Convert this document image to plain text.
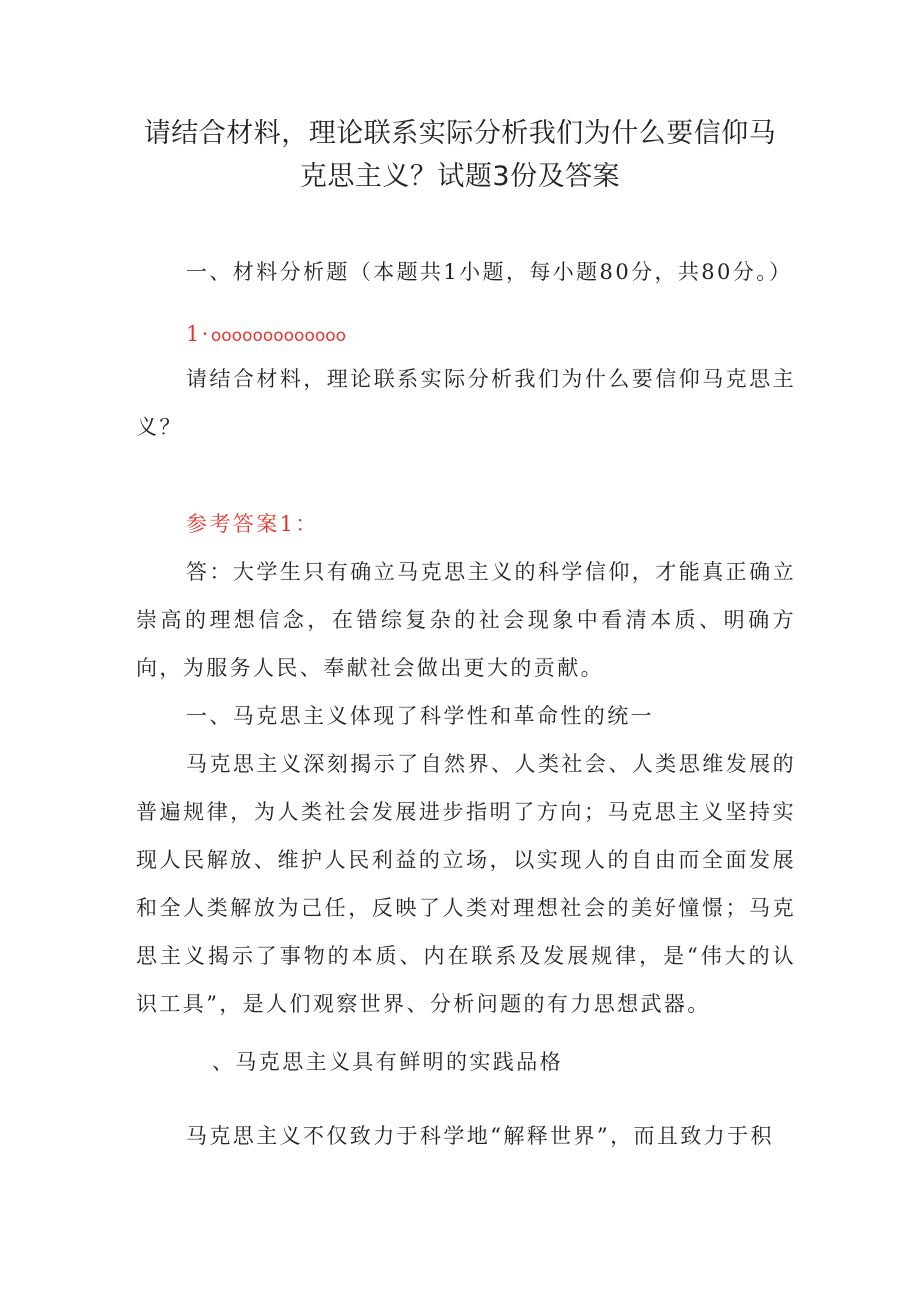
请结合材料，理论联系实际分析我们为什么要信仰马
克思主义？试题3份及答案
一、材料分析题（本题共1小题，每小题80分，共80分。）
1·ooooooooooooo
请结合材料，理论联系实际分析我们为什么要信仰马克思主义？
参考答案1：
答：大学生只有确立马克思主义的科学信仰，才能真正确立崇高的理想信念，在错综复杂的社会现象中看清本质、明确方向，为服务人民、奉献社会做出更大的贡献。
一、马克思主义体现了科学性和革命性的统一
马克思主义深刻揭示了自然界、人类社会、人类思维发展的普遍规律，为人类社会发展进步指明了方向；马克思主义坚持实现人民解放、维护人民利益的立场，以实现人的自由而全面发展和全人类解放为己任，反映了人类对理想社会的美好憧憬；马克思主义揭示了事物的本质、内在联系及发展规律，是“伟大的认识工具”，是人们观察世界、分析问题的有力思想武器。
、马克思主义具有鲜明的实践品格
马克思主义不仅致力于科学地“解释世界”，而且致力于积
